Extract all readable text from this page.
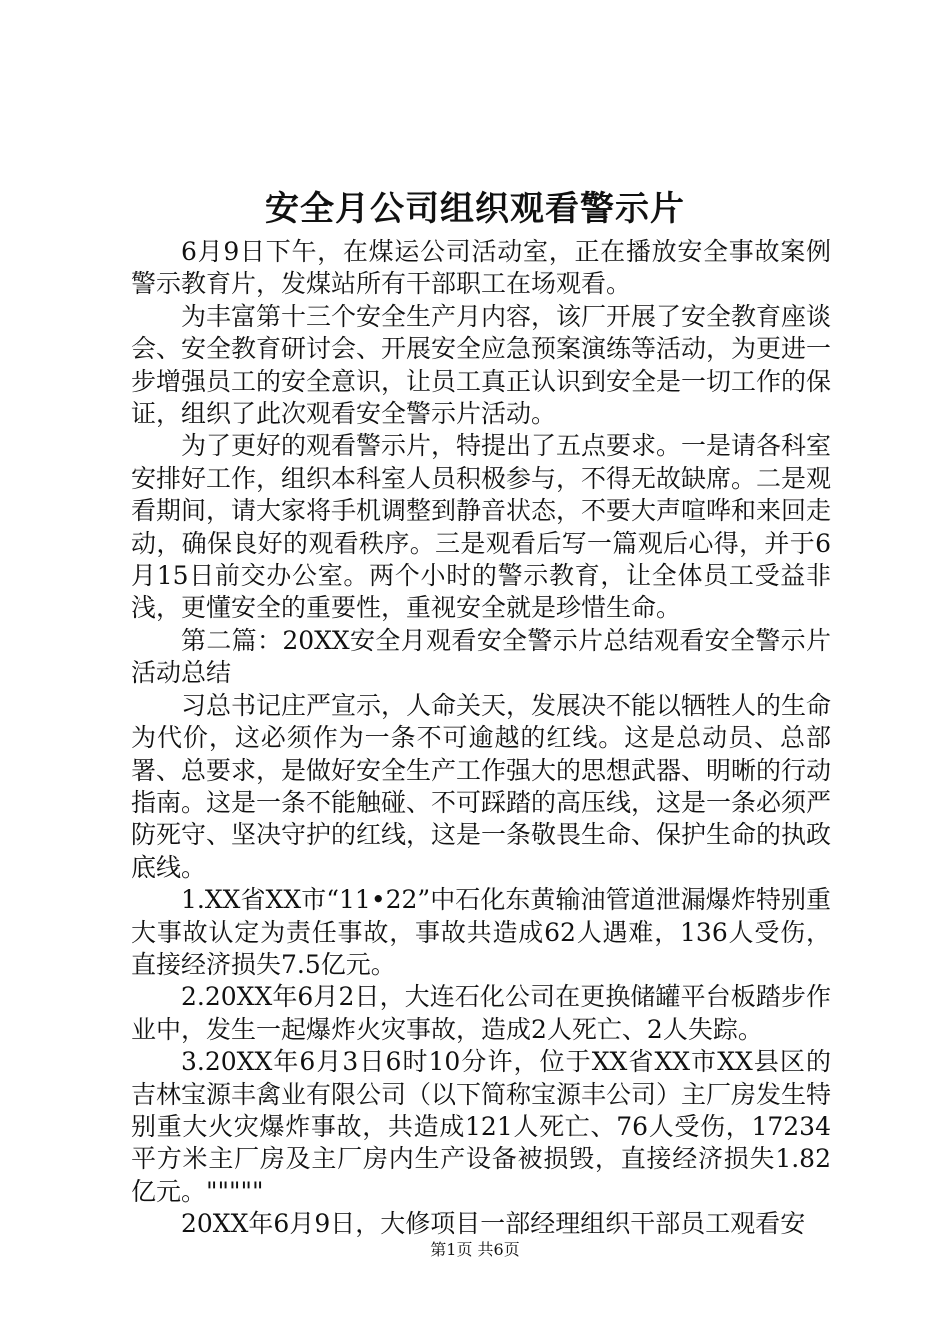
安全月公司组织观看警示片

6月9日下午，在煤运公司活动室，正在播放安全事故案例警示教育片，发煤站所有干部职工在场观看。

为丰富第十三个安全生产月内容，该厂开展了安全教育座谈会、安全教育研讨会、开展安全应急预案演练等活动，为更进一步增强员工的安全意识，让员工真正认识到安全是一切工作的保证，组织了此次观看安全警示片活动。

为了更好的观看警示片，特提出了五点要求。一是请各科室安排好工作，组织本科室人员积极参与，不得无故缺席。二是观看期间，请大家将手机调整到静音状态，不要大声喧哗和来回走动，确保良好的观看秩序。三是观看后写一篇观后心得，并于6月15日前交办公室。两个小时的警示教育，让全体员工受益非浅，更懂安全的重要性，重视安全就是珍惜生命。

第二篇：20XX安全月观看安全警示片总结观看安全警示片活动总结

习总书记庄严宣示，人命关天，发展决不能以牺牲人的生命为代价，这必须作为一条不可逾越的红线。这是总动员、总部署、总要求，是做好安全生产工作强大的思想武器、明晰的行动指南。这是一条不能触碰、不可踩踏的高压线，这是一条必须严防死守、坚决守护的红线，这是一条敬畏生命、保护生命的执政底线。

1.XX省XX市“11•22”中石化东黄输油管道泄漏爆炸特别重大事故认定为责任事故，事故共造成62人遇难，136人受伤，直接经济损失7.5亿元。

2.20XX年6月2日，大连石化公司在更换储罐平台板踏步作业中，发生一起爆炸火灾事故，造成2人死亡、2人失踪。

3.20XX年6月3日6时10分许，位于XX省XX市XX县区的吉林宝源丰禽业有限公司（以下简称宝源丰公司）主厂房发生特别重大火灾爆炸事故，共造成121人死亡、76人受伤，17234平方米主厂房及主厂房内生产设备被损毁，直接经济损失1.82亿元。"""""

20XX年6月9日，大修项目一部经理组织干部员工观看安

第1页 共6页
